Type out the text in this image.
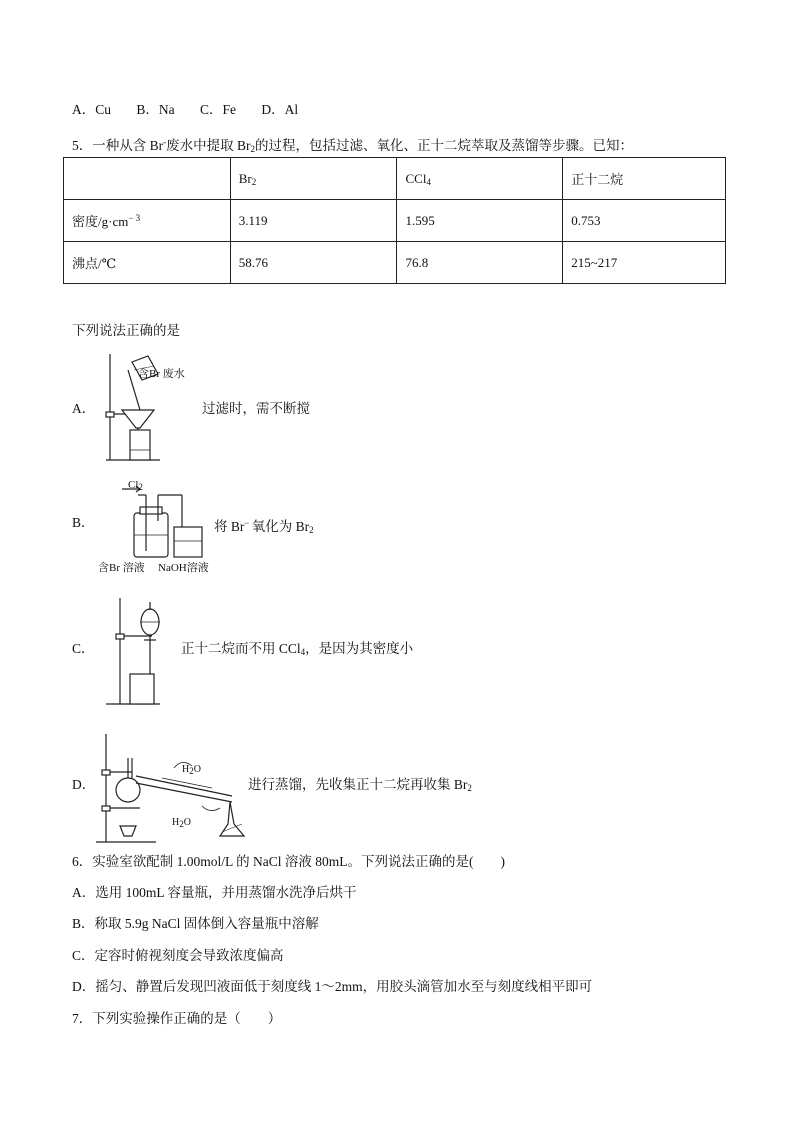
A．Cu B．Na C．Fe D．Al
5．一种从含 Br-废水中提取 $Br_2$的过程，包括过滤、氧化、正十二烷萃取及蒸馏等步骤。已知：
	$Br_2$	CCl$_4$	正十二烷
密度$/g\cdot cm^{- 3}$	3.119	1.595	0.753
沸点/℃	58.76	76.8	215~217
下列说法正确的是
A．
含Br 废水
过滤时，需不断搅
B．
$Cl_2$
含Br 溶液 NaOH溶液
将 Br− 氧化为 $Br_2$
C．	正十二烷而不用 CCl$_4$，是因为其密度小
D．
$H_2O$
$H_2O$
进行蒸馏，先收集正十二烷再收集 $Br_2$
6．实验室欲配制 1.00mol/L 的 NaCl 溶液 80mL。下列说法正确的是(　　)
A．选用 100mL 容量瓶，并用蒸馏水洗净后烘干
B．称取 5.9g NaCl 固体倒入容量瓶中溶解
C．定容时俯视刻度会导致浓度偏高
D．摇匀、静置后发现凹液面低于刻度线 1～2mm，用胶头滴管加水至与刻度线相平即可
7．下列实验操作正确的是（　　）
